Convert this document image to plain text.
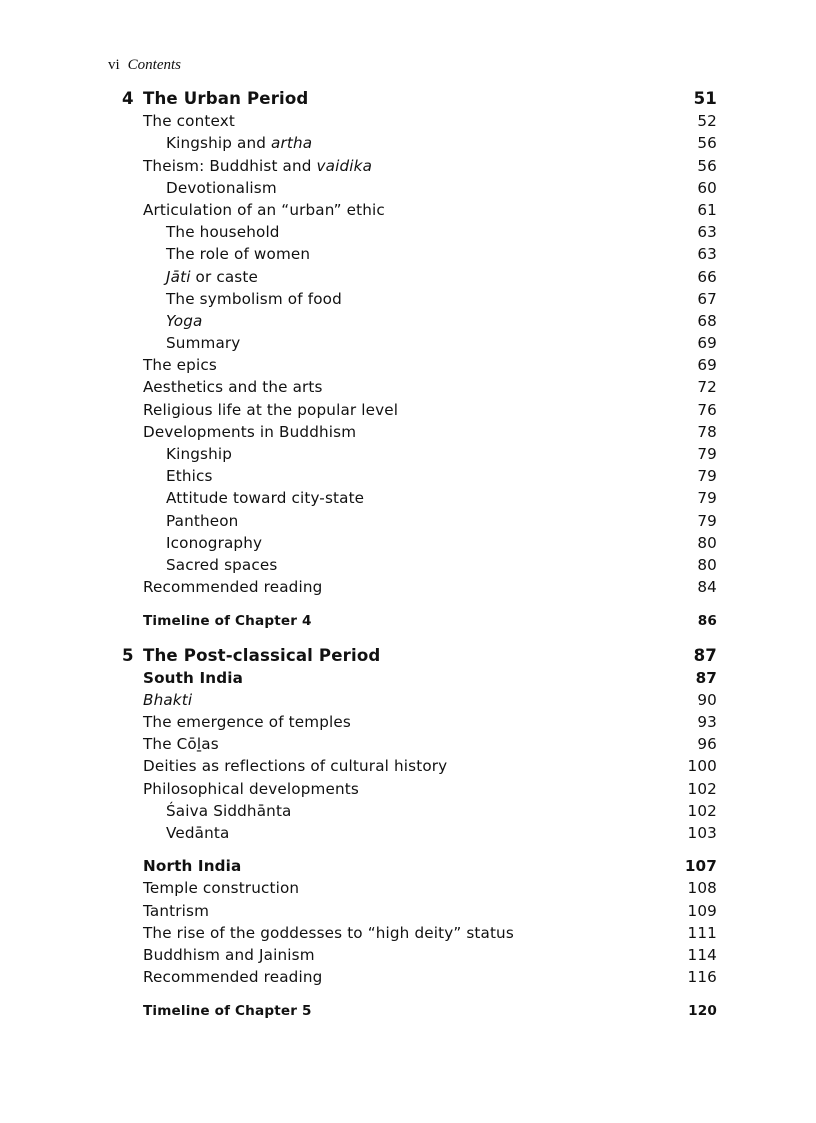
vi Contents
4 The Urban Period	51
The context	52
Kingship and artha	56
Theism: Buddhist and vaidika	56
Devotionalism	60
Articulation of an “urban” ethic	61
The household	63
The role of women	63
Jāti or caste	66
The symbolism of food	67
Yoga	68
Summary	69
The epics	69
Aesthetics and the arts	72
Religious life at the popular level	76
Developments in Buddhism	78
Kingship	79
Ethics	79
Attitude toward city-state	79
Pantheon	79
Iconography	80
Sacred spaces	80
Recommended reading	84
Timeline of Chapter 4	86
5 The Post-classical Period	87
South India	87
Bhakti	90
The emergence of temples	93
The Cōḻas	96
Deities as reflections of cultural history	100
Philosophical developments	102
Śaiva Siddhānta	102
Vedānta	103
North India	107
Temple construction	108
Tantrism	109
The rise of the goddesses to “high deity” status	111
Buddhism and Jainism	114
Recommended reading	116
Timeline of Chapter 5	120
